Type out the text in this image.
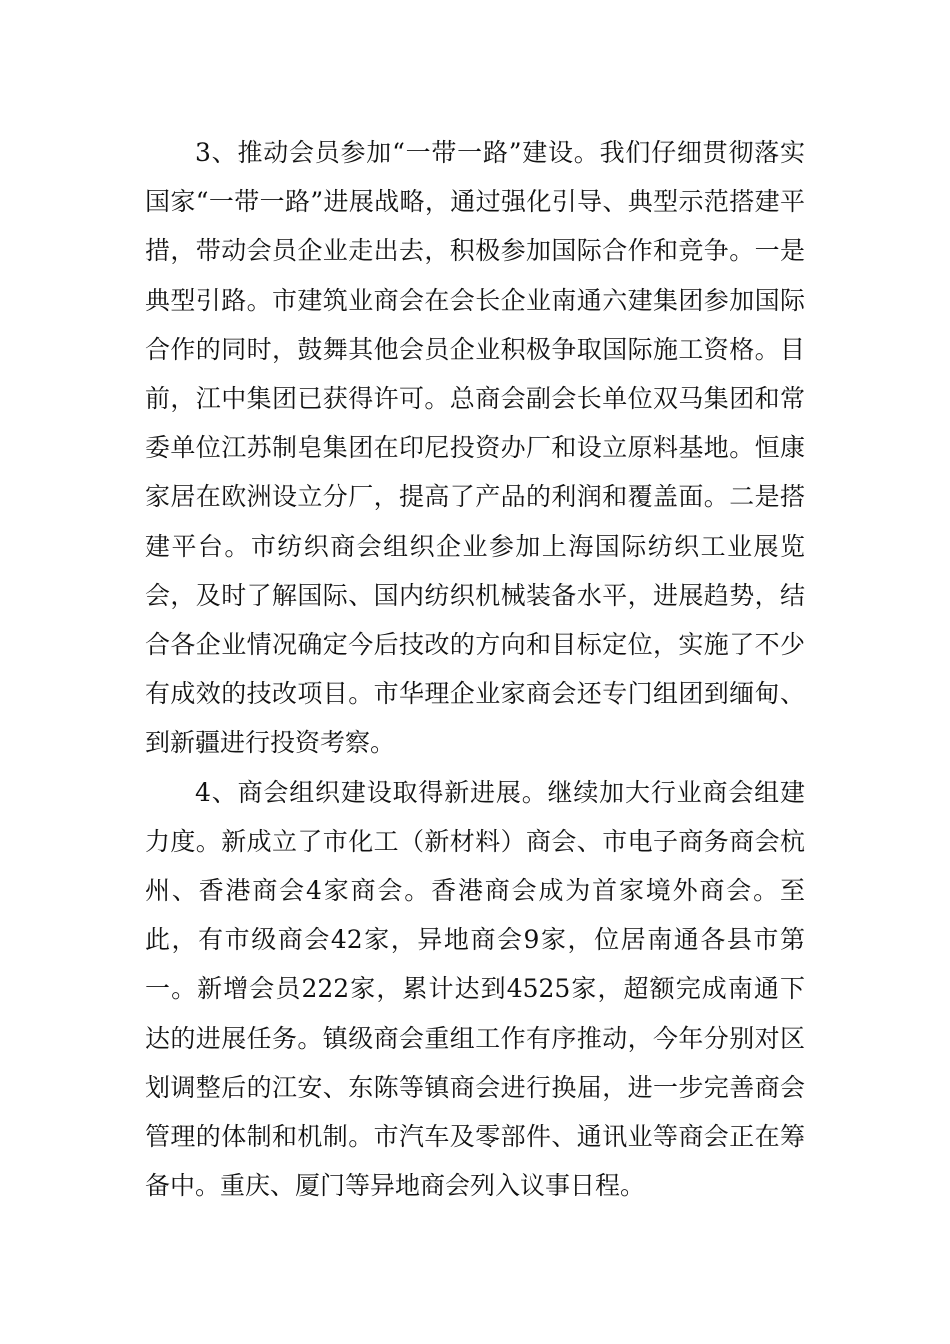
3、推动会员参加“一带一路”建设。我们仔细贯彻落实国家“一带一路”进展战略，通过强化引导、典型示范搭建平措，带动会员企业走出去，积极参加国际合作和竞争。一是典型引路。市建筑业商会在会长企业南通六建集团参加国际合作的同时，鼓舞其他会员企业积极争取国际施工资格。目前，江中集团已获得许可。总商会副会长单位双马集团和常委单位江苏制皂集团在印尼投资办厂和设立原料基地。恒康家居在欧洲设立分厂，提高了产品的利润和覆盖面。二是搭建平台。市纺织商会组织企业参加上海国际纺织工业展览会，及时了解国际、国内纺织机械装备水平，进展趋势，结合各企业情况确定今后技改的方向和目标定位，实施了不少有成效的技改项目。市华理企业家商会还专门组团到缅甸、到新疆进行投资考察。

4、商会组织建设取得新进展。继续加大行业商会组建力度。新成立了市化工（新材料）商会、市电子商务商会杭州、香港商会4家商会。香港商会成为首家境外商会。至此，有市级商会42家，异地商会9家，位居南通各县市第一。新增会员222家，累计达到4525家，超额完成南通下达的进展任务。镇级商会重组工作有序推动，今年分别对区划调整后的江安、东陈等镇商会进行换届，进一步完善商会管理的体制和机制。市汽车及零部件、通讯业等商会正在筹备中。重庆、厦门等异地商会列入议事日程。
